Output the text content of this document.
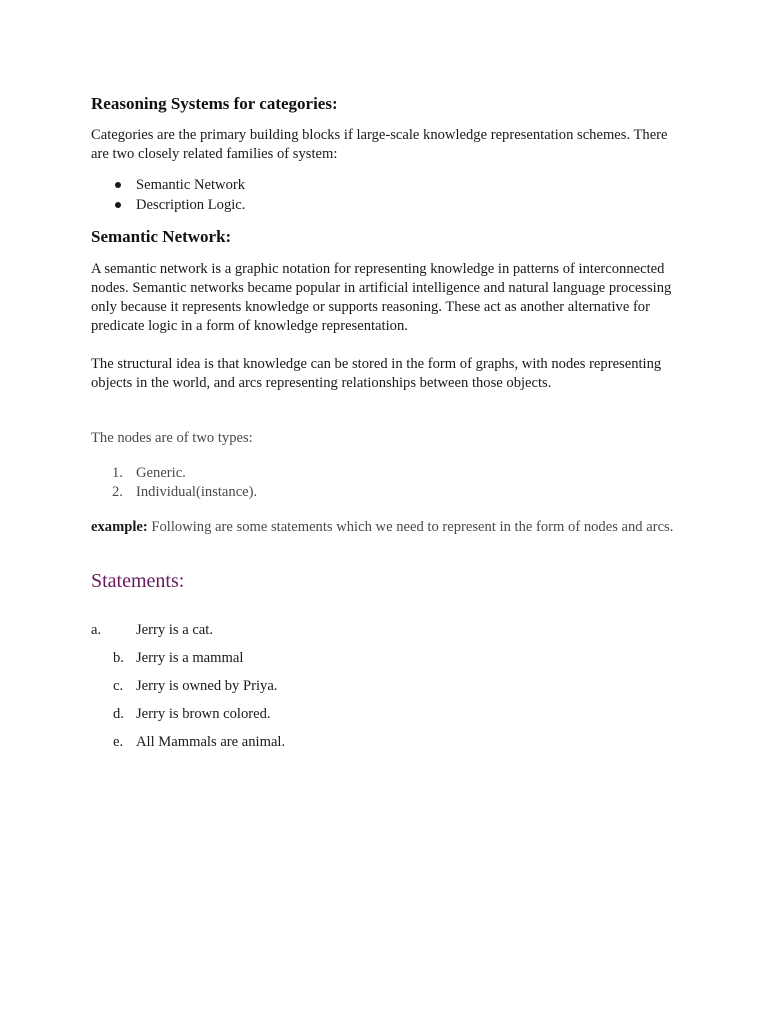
Reasoning Systems for categories:

Categories are the primary building blocks if large-scale knowledge representation schemes. There are two closely related families of system:

Semantic Network
Description Logic.
Semantic Network:

A semantic network is a graphic notation for representing knowledge in patterns of interconnected nodes. Semantic networks became popular in artificial intelligence and natural language processing only because it represents knowledge or supports reasoning. These act as another alternative for predicate logic in a form of knowledge representation.

The structural idea is that knowledge can be stored in the form of graphs, with nodes representing objects in the world, and arcs representing relationships between those objects.

The nodes are of two types:

1. Generic.
2. Individual(instance).

example: Following are some statements which we need to represent in the form of nodes and arcs.

Statements:
a. Jerry is a cat.
b. Jerry is a mammal
c. Jerry is owned by Priya.
d. Jerry is brown colored.
e. All Mammals are animal.
